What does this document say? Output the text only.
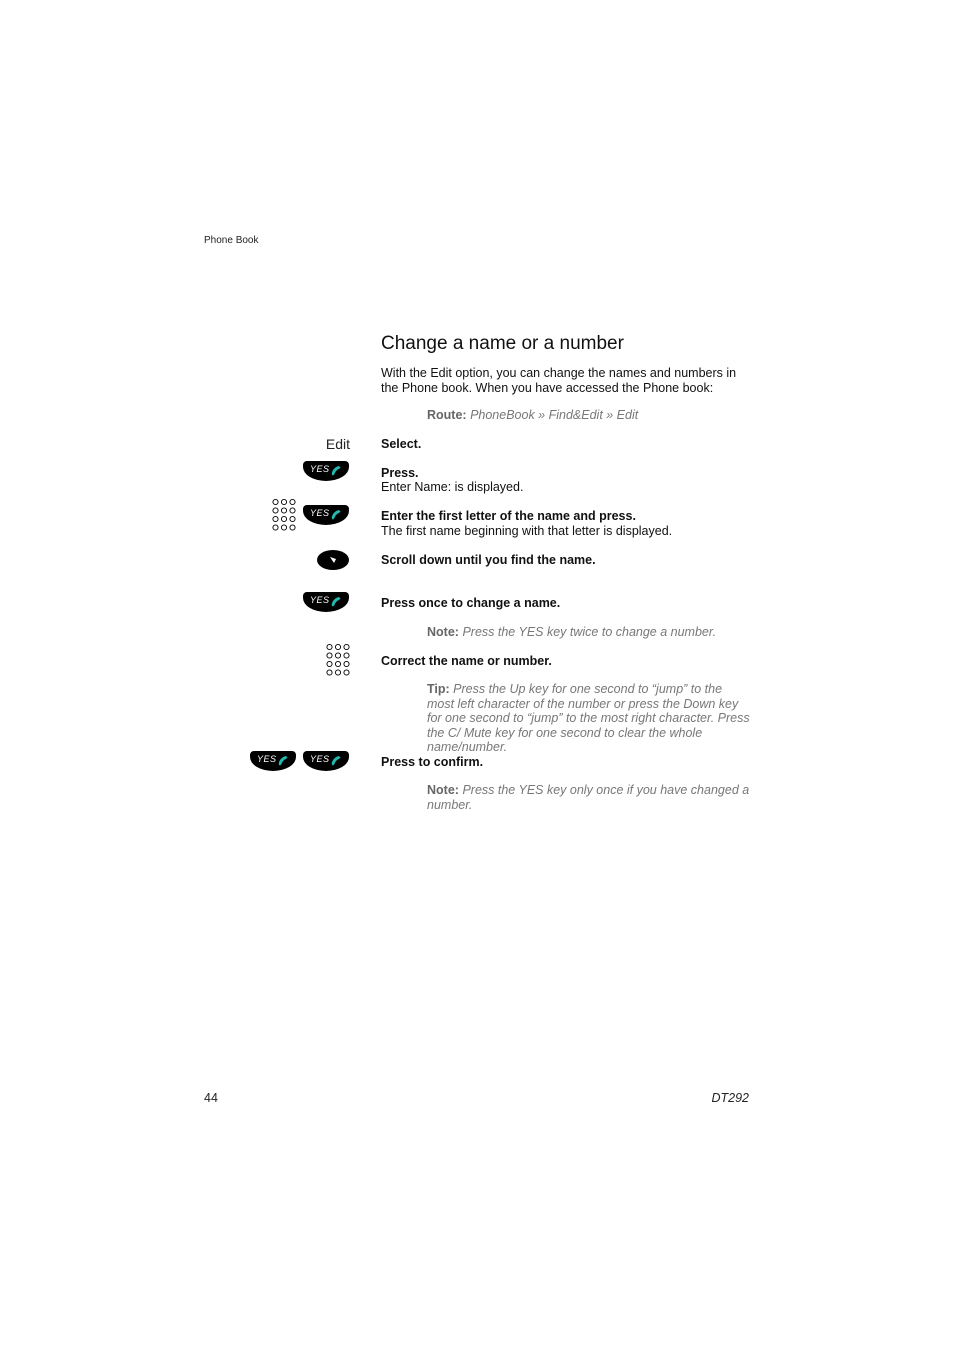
Phone Book
Change a name or a number
With the Edit option, you can change the names and numbers in the Phone book. When you have accessed the Phone book:
Route: PhoneBook » Find&Edit » Edit
Edit Select.
YES	Press.
Enter Name: is displayed.
YES	Enter the first letter of the name and press.
The first name beginning with that letter is displayed.
Scroll down until you find the name.
YES	Press once to change a name.
Note: Press the YES key twice to change a number.
Correct the name or number.
Tip: Press the Up key for one second to “jump” to the most left character of the number or press the Down key for one second to “jump” to the most right character. Press the C/ Mute key for one second to clear the whole name/number.
YES	YES	Press to confirm.
Note: Press the YES key only once if you have changed a number.
44	DT292
